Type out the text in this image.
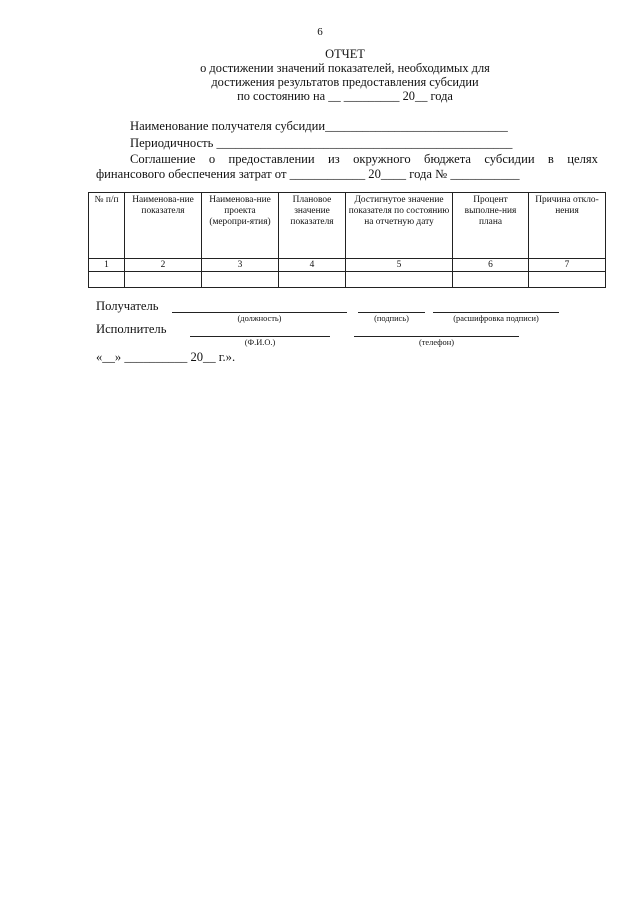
6
ОТЧЕТ
о достижении значений показателей, необходимых для
достижения результатов предоставления субсидии
по состоянию на __ _________ 20__ года
Наименование получателя субсидии_____________________________
Периодичность _______________________________________________
Соглашение о предоставлении из окружного бюджета субсидии в целях
финансового обеспечения затрат от ____________ 20____ года № ___________
№ п/п	Наименова-ние показателя	Наименова-ние проекта (меропри-ятия)	Плановое значение показателя	Достигнутое значение показателя по состоянию на отчетную дату	Процент выполне-ния плана	Причина откло-нения
1	2	3	4	5	6	7

Получатель
(должность)	(подпись)	(расшифровка подписи)
Исполнитель
(Ф.И.О.)	(телефон)
«__» __________ 20__ г.».
